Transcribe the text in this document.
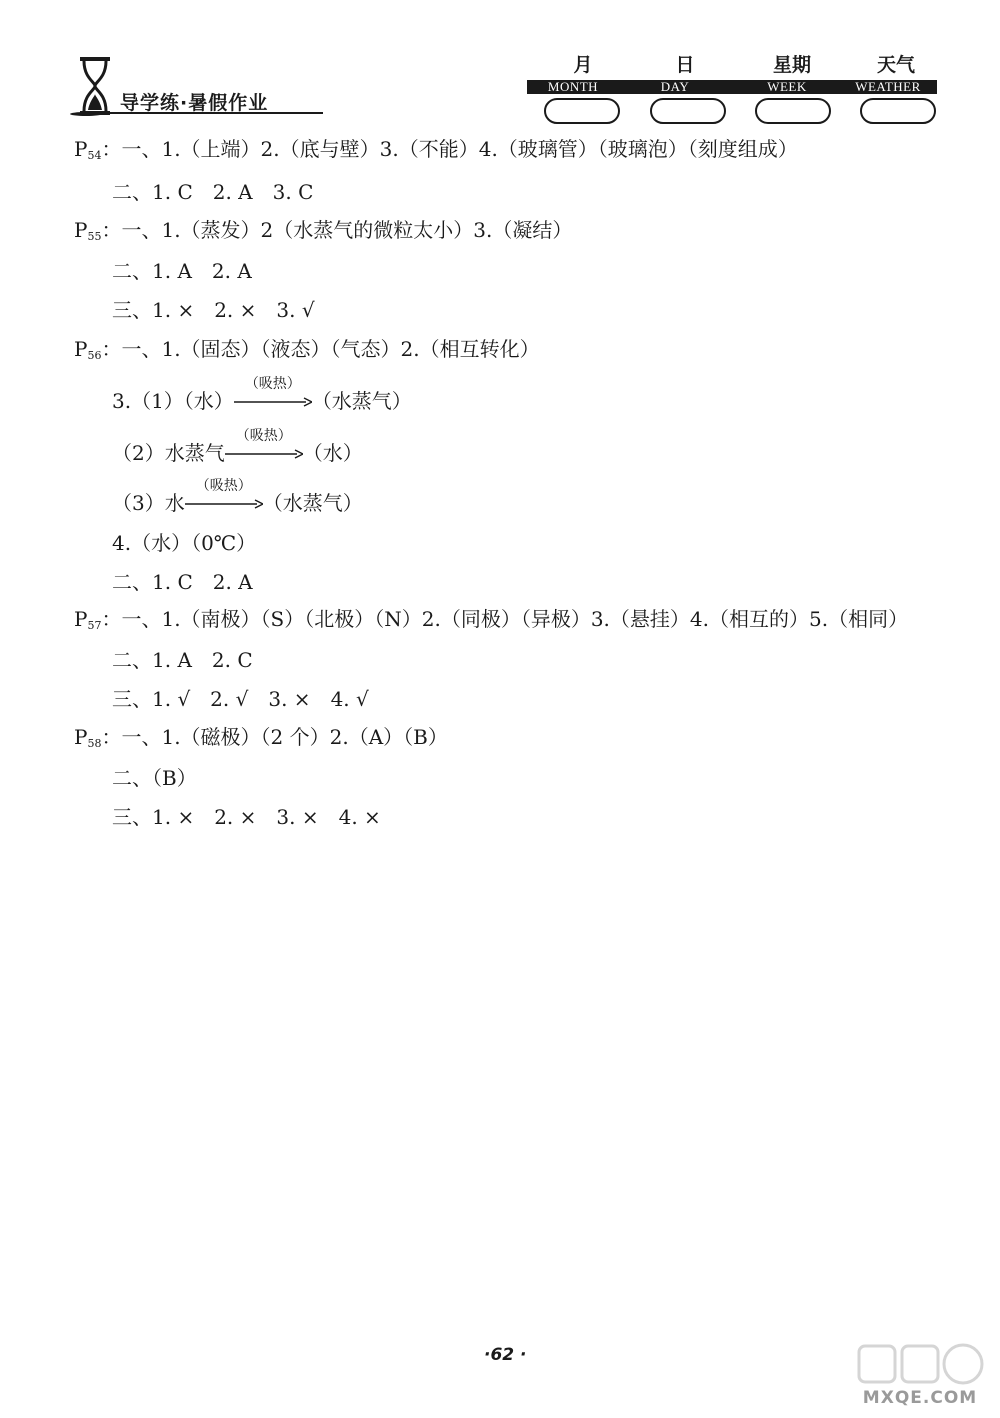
导学练·暑假作业
月	日	星期	天气
MONTH	DAY	WEEK	WEATHER
$P_{54}$：一、1.（上端）2.（底与壁）3.（不能）4.（玻璃管）（玻璃泡）（刻度组成）
二、1. C　2. A　3. C
$P_{55}$：一、1.（蒸发）2（水蒸气的微粒太小）3.（凝结）
二、1. A　2. A
三、1. ×　2. ×　3. √
$P_{56}$：一、1.（固态）（液态）（气态）2.（相互转化）
3.（1）（水）
（吸热）
（水蒸气）
（2）水蒸气
（吸热）
（水）
（3）水
（吸热）
（水蒸气）
4.（水）（0℃）
二、1. C　2. A
$P_{57}$：一、1.（南极）（S）（北极）（N）2.（同极）（异极）3.（悬挂）4.（相互的）5.（相同）
二、1. A　2. C
三、1. √　2. √　3. ×　4. √
$P_{58}$：一、1.（磁极）（2 个）2.（A）（B）
二、（B）
三、1. ×　2. ×　3. ×　4. ×
·62 ·
MXQE.COM
